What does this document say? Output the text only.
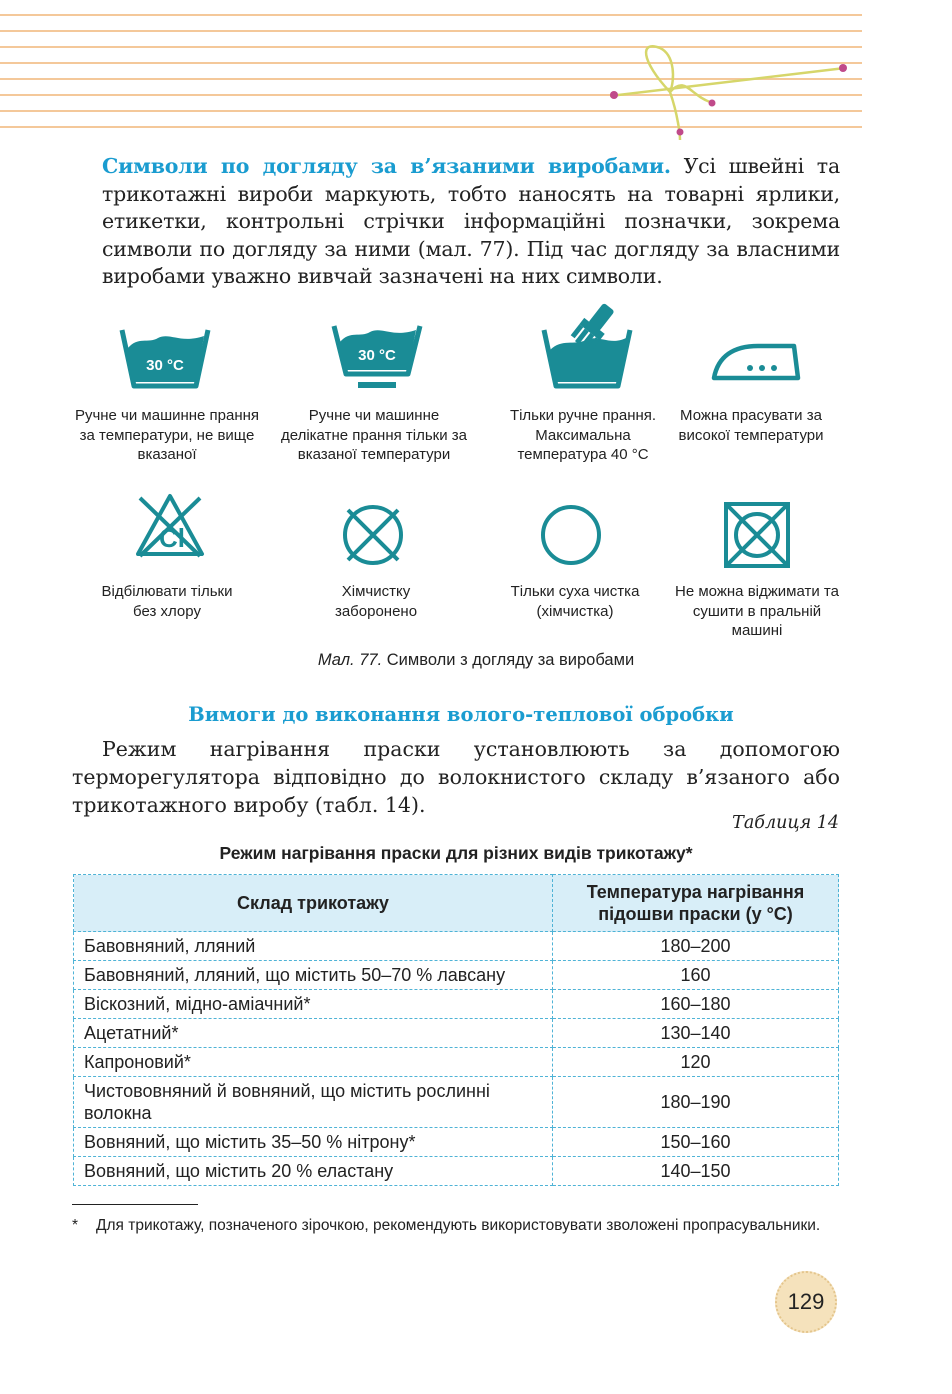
Символи по догляду за в’язаними виробами. Усі швейні та трикотажні вироби маркують, тобто наносять на товарні ярлики, етикетки, контрольні стрічки інформаційні позначки, зокрема символи по догляду за ними (мал. 77). Під час догляду за власними виробами уважно вивчай зазначені на них символи.
30 °C
30 °C
Cl
Ручне чи машинне прання за температури, не вище вказаної
Ручне чи машинне делікатне прання тільки за вказаної температури
Тільки ручне прання. Максимальна температура 40 °C
Можна прасувати за високої температури
Відбілювати тільки без хлору
Хімчистку заборонено
Тільки суха чистка (хімчистка)
Не можна віджимати та сушити в пральній машині
Мал. 77. Символи з догляду за виробами
Вимоги до виконання волого-теплової обробки
Режим нагрівання праски установлюють за допомогою терморегулятора відповідно до волокнистого складу в’язаного або трикотажного виробу (табл. 14).
Таблиця 14
Режим нагрівання праски для різних видів трикотажу*
Склад трикотажу	Температура нагрівання підошви праски (у °C)
Бавовняний, лляний	180–200
Бавовняний, лляний, що містить 50–70 % лавсану	160
Віскозний, мідно-аміачний*	160–180
Ацетатний*	130–140
Капроновий*	120
Чистововняний й вовняний, що містить рослинні волокна	180–190
Вовняний, що містить 35–50 % нітрону*	150–160
Вовняний, що містить 20 % еластану	140–150
* Для трикотажу, позначеного зірочкою, рекомендують використовувати зволожені пропрасувальники.
129
